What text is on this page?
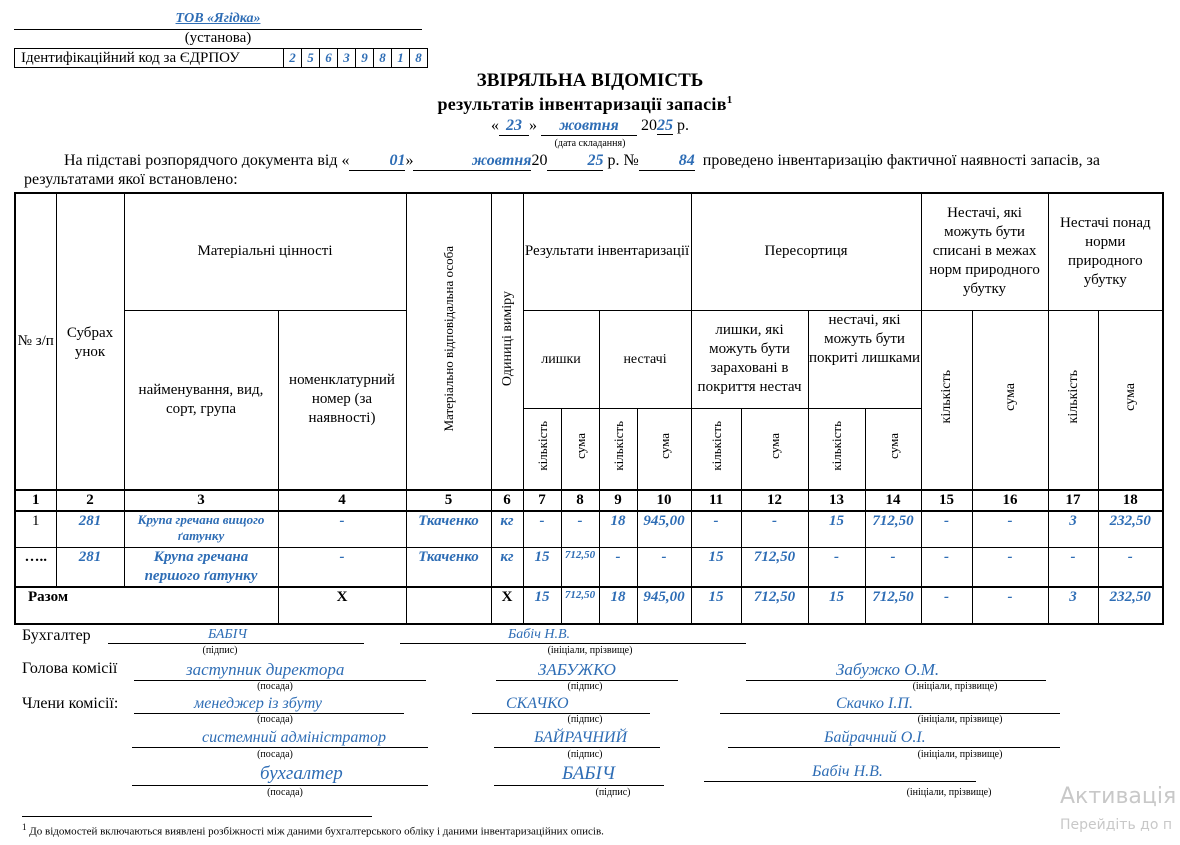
ТОВ «Ягідка»
(установа)
Ідентифікаційний код за ЄДРПОУ	2 5 6 3 9 8 1 8
ЗВІРЯЛЬНА ВІДОМІСТЬ
результатів інвентаризації запасів$^1$
« 23 » жовтня 2025 р.
(дата складання)
На підставі розпорядчого документа від «	01»	жовтня20	25 р. №	84 проведено інвентаризацію фактичної наявності запасів, за результатами якої встановлено:
№ з/п	Субрах унок	Матеріальні цінності		Матеріально відповідальна особа	Одиниці виміру	Результати інвентаризації				Пересортиця				Нестачі, які можуть бути списані в межах норм природного убутку		Нестачі понад норми природного убутку	
		найменування, вид, сорт, група	номенклатурний номер (за наявності)			лишки		нестачі		лишки, які можуть бути зараховані в покриття нестач		нестачі, які можуть бути покриті лишками		кількість	сума	кількість	сума
						кількість	сума	кількість	сума	кількість	сума	кількість	сума				
1	2	3	4	5	6	7	8	9	10	11	12	13	14	15	16	17	18
1	281	Крупа гречана вищого ґатунку	-	Ткаченко	кг	-	-	18	945,00	-	-	15	712,50	-	-	3	232,50
…..	281	Крупа гречана першого ґатунку	-	Ткаченко	кг	15	712,50	-	-	15	712,50	-	-	-	-	-	-
Разом			Х		Х	15	712,50	18	945,00	15	712,50	15	712,50	-	-	3	232,50
Бухгалтер	БАБІЧ
(підпис)
Бабіч Н.В.
(ініціали, прізвище)
Голова комісії	заступник директора
(посада)
ЗАБУЖКО
(підпис)
Забужко О.М.
(ініціали, прізвище)
Члени комісії:	менеджер із збуту
(посада)
СКАЧКО
(підпис)
Скачко І.П.
(ініціали, прізвище)
системний адміністратор
(посада)
БАЙРАЧНИЙ
(підпис)
Байрачний О.І.
(ініціали, прізвище)
бухгалтер
(посада)
БАБІЧ
(підпис)
Бабіч Н.В.
(ініціали, прізвище)
$^1$ До відомостей включаються виявлені розбіжності між даними бухгалтерського обліку і даними інвентаризаційних описів.
Активація
Перейдіть до п
